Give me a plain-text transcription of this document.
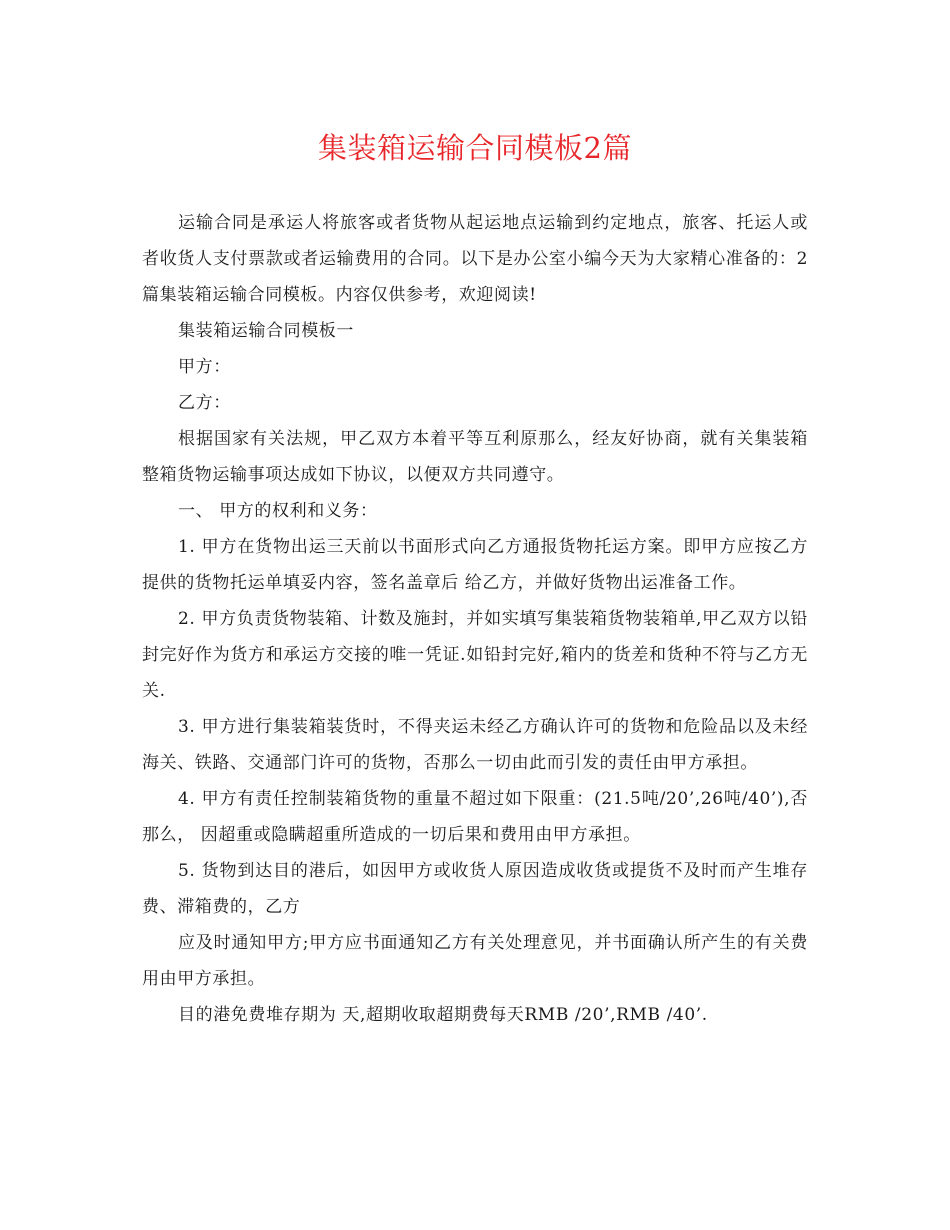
集装箱运输合同模板2篇

运输合同是承运人将旅客或者货物从起运地点运输到约定地点，旅客、托运人或者收货人支付票款或者运输费用的合同。以下是办公室小编今天为大家精心准备的：2篇集装箱运输合同模板。内容仅供参考，欢迎阅读!

集装箱运输合同模板一

甲方：

乙方：

根据国家有关法规，甲乙双方本着平等互利原那么，经友好协商，就有关集装箱整箱货物运输事项达成如下协议，以便双方共同遵守。

一、 甲方的权利和义务：

1. 甲方在货物出运三天前以书面形式向乙方通报货物托运方案。即甲方应按乙方提供的货物托运单填妥内容，签名盖章后 给乙方，并做好货物出运准备工作。

2. 甲方负责货物装箱、计数及施封，并如实填写集装箱货物装箱单,甲乙双方以铅封完好作为货方和承运方交接的唯一凭证.如铅封完好,箱内的货差和货种不符与乙方无关.

3. 甲方进行集装箱装货时，不得夹运未经乙方确认许可的货物和危险品以及未经海关、铁路、交通部门许可的货物，否那么一切由此而引发的责任由甲方承担。

4. 甲方有责任控制装箱货物的重量不超过如下限重：(21.5吨/20’,26吨/40’),否那么， 因超重或隐瞒超重所造成的一切后果和费用由甲方承担。

5. 货物到达目的港后，如因甲方或收货人原因造成收货或提货不及时而产生堆存费、滞箱费的，乙方

应及时通知甲方;甲方应书面通知乙方有关处理意见，并书面确认所产生的有关费用由甲方承担。

目的港免费堆存期为 天,超期收取超期费每天RMB /20’,RMB /40’.
